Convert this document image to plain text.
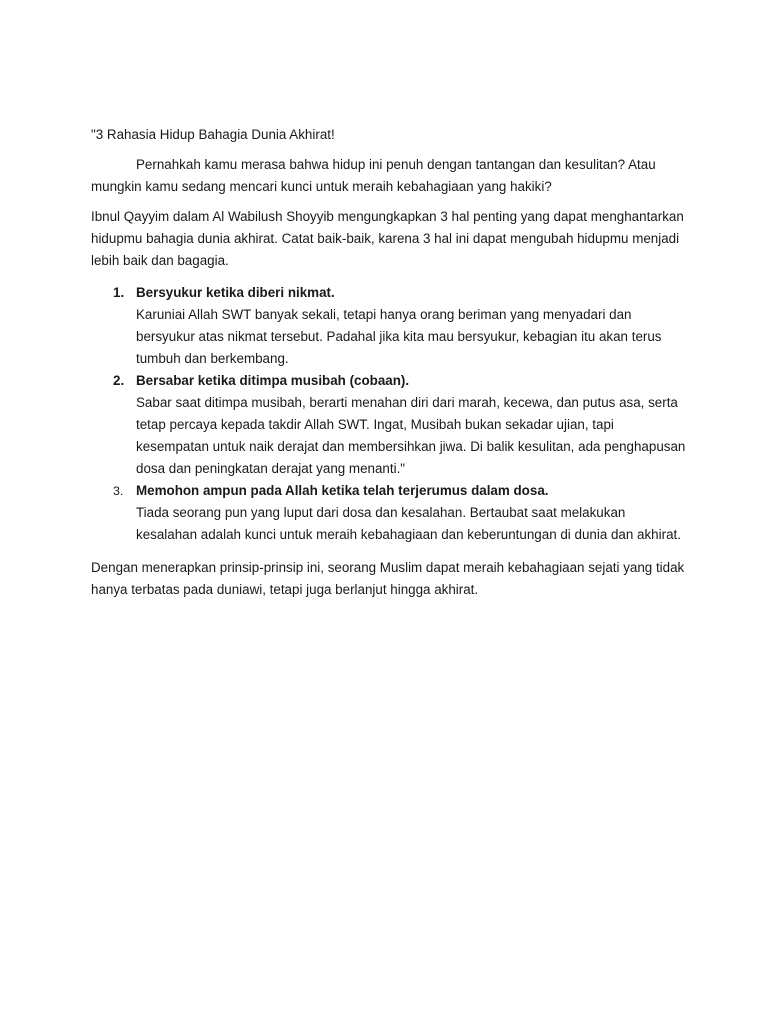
"3 Rahasia Hidup Bahagia Dunia Akhirat!

Pernahkah kamu merasa bahwa hidup ini penuh dengan tantangan dan kesulitan? Atau mungkin kamu sedang mencari kunci untuk meraih kebahagiaan yang hakiki?

Ibnul Qayyim dalam Al Wabilush Shoyyib mengungkapkan 3 hal penting yang dapat menghantarkan hidupmu bahagia dunia akhirat. Catat baik-baik, karena 3 hal ini dapat mengubah hidupmu menjadi lebih baik dan bagagia.

1. Bersyukur ketika diberi nikmat.
Karuniai Allah SWT banyak sekali, tetapi hanya orang beriman yang menyadari dan bersyukur atas nikmat tersebut. Padahal jika kita mau bersyukur, kebagian itu akan terus tumbuh dan berkembang.
2. Bersabar ketika ditimpa musibah (cobaan).
Sabar saat ditimpa musibah, berarti menahan diri dari marah, kecewa, dan putus asa, serta tetap percaya kepada takdir Allah SWT. Ingat, Musibah bukan sekadar ujian, tapi kesempatan untuk naik derajat dan membersihkan jiwa. Di balik kesulitan, ada penghapusan dosa dan peningkatan derajat yang menanti."
3. Memohon ampun pada Allah ketika telah terjerumus dalam dosa.
Tiada seorang pun yang luput dari dosa dan kesalahan. Bertaubat saat melakukan kesalahan adalah kunci untuk meraih kebahagiaan dan keberuntungan di dunia dan akhirat.

Dengan menerapkan prinsip-prinsip ini, seorang Muslim dapat meraih kebahagiaan sejati yang tidak hanya terbatas pada duniawi, tetapi juga berlanjut hingga akhirat.
